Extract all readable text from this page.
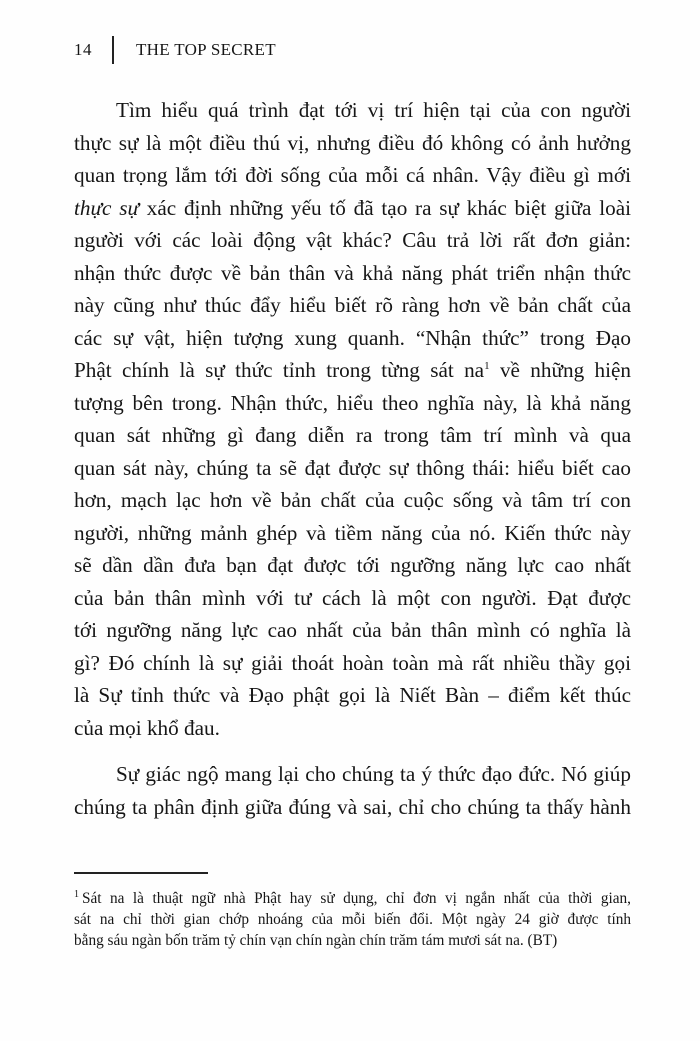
14	THE TOP SECRET

Tìm hiểu quá trình đạt tới vị trí hiện tại của con người
thực sự là một điều thú vị, nhưng điều đó không có ảnh hưởng
quan trọng lắm tới đời sống của mỗi cá nhân. Vậy điều gì mới
thực sự xác định những yếu tố đã tạo ra sự khác biệt giữa loài
người với các loài động vật khác? Câu trả lời rất đơn giản:
nhận thức được về bản thân và khả năng phát triển nhận thức
này cũng như thúc đẩy hiểu biết rõ ràng hơn về bản chất của
các sự vật, hiện tượng xung quanh. “Nhận thức” trong Đạo
Phật chính là sự thức tỉnh trong từng sát na$^1$ về những hiện
tượng bên trong. Nhận thức, hiểu theo nghĩa này, là khả năng
quan sát những gì đang diễn ra trong tâm trí mình và qua
quan sát này, chúng ta sẽ đạt được sự thông thái: hiểu biết cao
hơn, mạch lạc hơn về bản chất của cuộc sống và tâm trí con
người, những mảnh ghép và tiềm năng của nó. Kiến thức này
sẽ dần dần đưa bạn đạt được tới ngưỡng năng lực cao nhất
của bản thân mình với tư cách là một con người. Đạt được
tới ngưỡng năng lực cao nhất của bản thân mình có nghĩa là
gì? Đó chính là sự giải thoát hoàn toàn mà rất nhiều thầy gọi
là Sự tỉnh thức và Đạo phật gọi là Niết Bàn – điểm kết thúc
của mọi khổ đau.

Sự giác ngộ mang lại cho chúng ta ý thức đạo đức. Nó giúp
chúng ta phân định giữa đúng và sai, chỉ cho chúng ta thấy hành

$^1$ Sát na là thuật ngữ nhà Phật hay sử dụng, chỉ đơn vị ngắn nhất của thời gian,
sát na chỉ thời gian chớp nhoáng của mỗi biến đổi. Một ngày 24 giờ được tính
bằng sáu ngàn bốn trăm tỷ chín vạn chín ngàn chín trăm tám mươi sát na. (BT)
